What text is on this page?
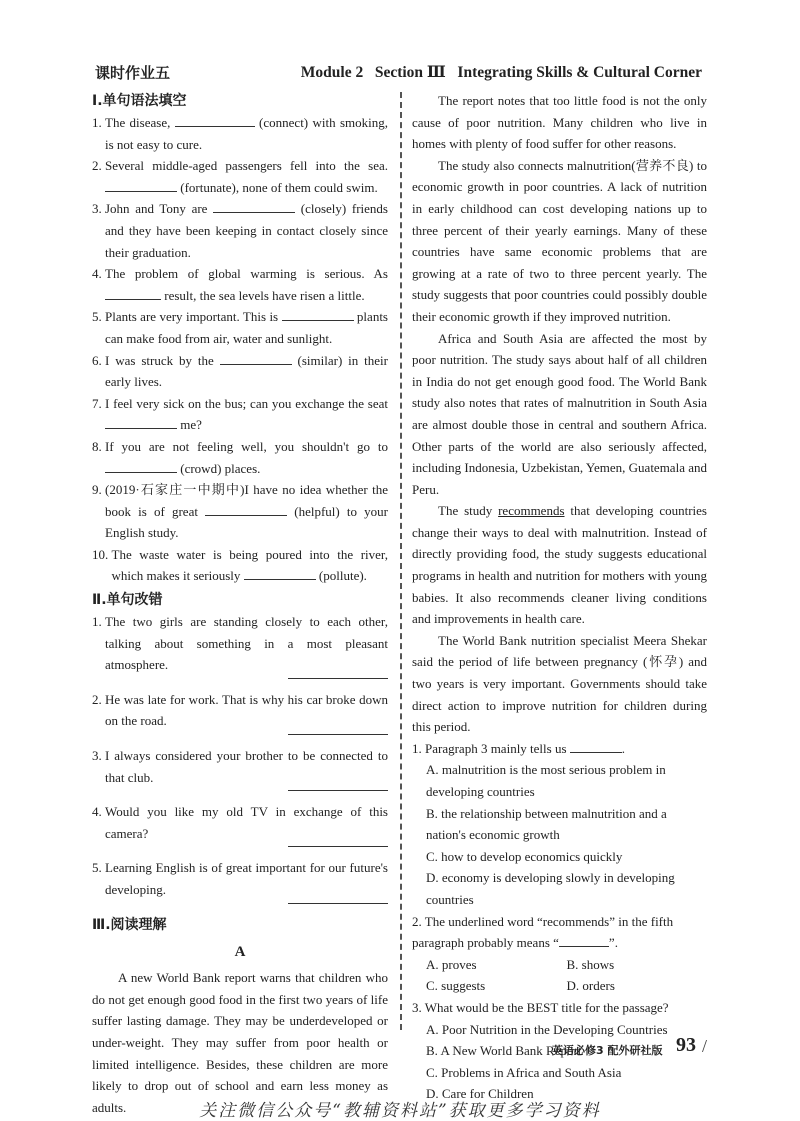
课时作业五	Module 2   Section Ⅲ   Integrating Skills & Cultural Corner
Ⅰ.单句语法填空
1. The disease,	(connect) with smoking, is not easy to cure.
2. Several middle-aged passengers fell into the sea.  (fortunate), none of them could swim.
3. John and Tony are	(closely) friends and they have been keeping in contact closely since their graduation.
4. The problem of global warming is serious. As  result, the sea levels have risen a little.
5. Plants are very important. This is	plants can make food from air, water and sunlight.
6. I was struck by the	(similar) in their early lives.
7. I feel very sick on the bus; can you exchange the seat  me?
8. If you are not feeling well, you shouldn't go to  (crowd) places.
9. (2019·石家庄一中期中)I have no idea whether the book is of great	(helpful) to your English study.
10. The waste water is being poured into the river, which makes it seriously	(pollute).
Ⅱ.单句改错
1. The two girls are standing closely to each other, talking about something in a most pleasant atmosphere.
2. He was late for work. That is why his car broke down on the road.
3. I always considered your brother to be connected to that club.
4. Would you like my old TV in exchange of this camera?
5. Learning English is of great important for our future's developing.
Ⅲ.阅读理解
A
A new World Bank report warns that children who do not get enough good food in the first two years of life suffer lasting damage. They may be underdeveloped or under-weight. They may suffer from poor health or limited intelligence. Besides, these children are more likely to drop out of school and earn less money as adults.
The report notes that too little food is not the only cause of poor nutrition. Many children who live in homes with plenty of food suffer for other reasons.
The study also connects malnutrition(营养不良) to economic growth in poor countries. A lack of nutrition in early childhood can cost developing nations up to three percent of their yearly earnings. Many of these countries have same economic problems that are growing at a rate of two to three percent yearly. The study suggests that poor countries could possibly double their economic growth if they improved nutrition.
Africa and South Asia are affected the most by poor nutrition. The study says about half of all children in India do not get enough good food. The World Bank study also notes that rates of malnutrition in South Asia are almost double those in central and southern Africa. Other parts of the world are also seriously affected, including Indonesia, Uzbekistan, Yemen, Guatemala and Peru.
The study recommends that developing countries change their ways to deal with malnutrition. Instead of directly providing food, the study suggests educational programs in health and nutrition for mothers with young babies. It also recommends cleaner living conditions and improvements in health care.
The World Bank nutrition specialist Meera Shekar said the period of life between pregnancy (怀孕) and two years is very important. Governments should take direct action to improve nutrition for children during this period.
1. Paragraph 3 mainly tells us	.
A. malnutrition is the most serious problem in developing countries
B. the relationship between malnutrition and a nation's economic growth
C. how to develop economics quickly
D. economy is developing slowly in developing countries
2. The underlined word “recommends” in the fifth paragraph probably means “	”.
A. proves	B. shows
C. suggests	D. orders
3. What would be the BEST title for the passage?
A. Poor Nutrition in the Developing Countries
B. A New World Bank Report
C. Problems in Africa and South Asia
D. Care for Children
英语必修3 配外研社版 93 /
关注微信公众号“教辅资料站”获取更多学习资料
